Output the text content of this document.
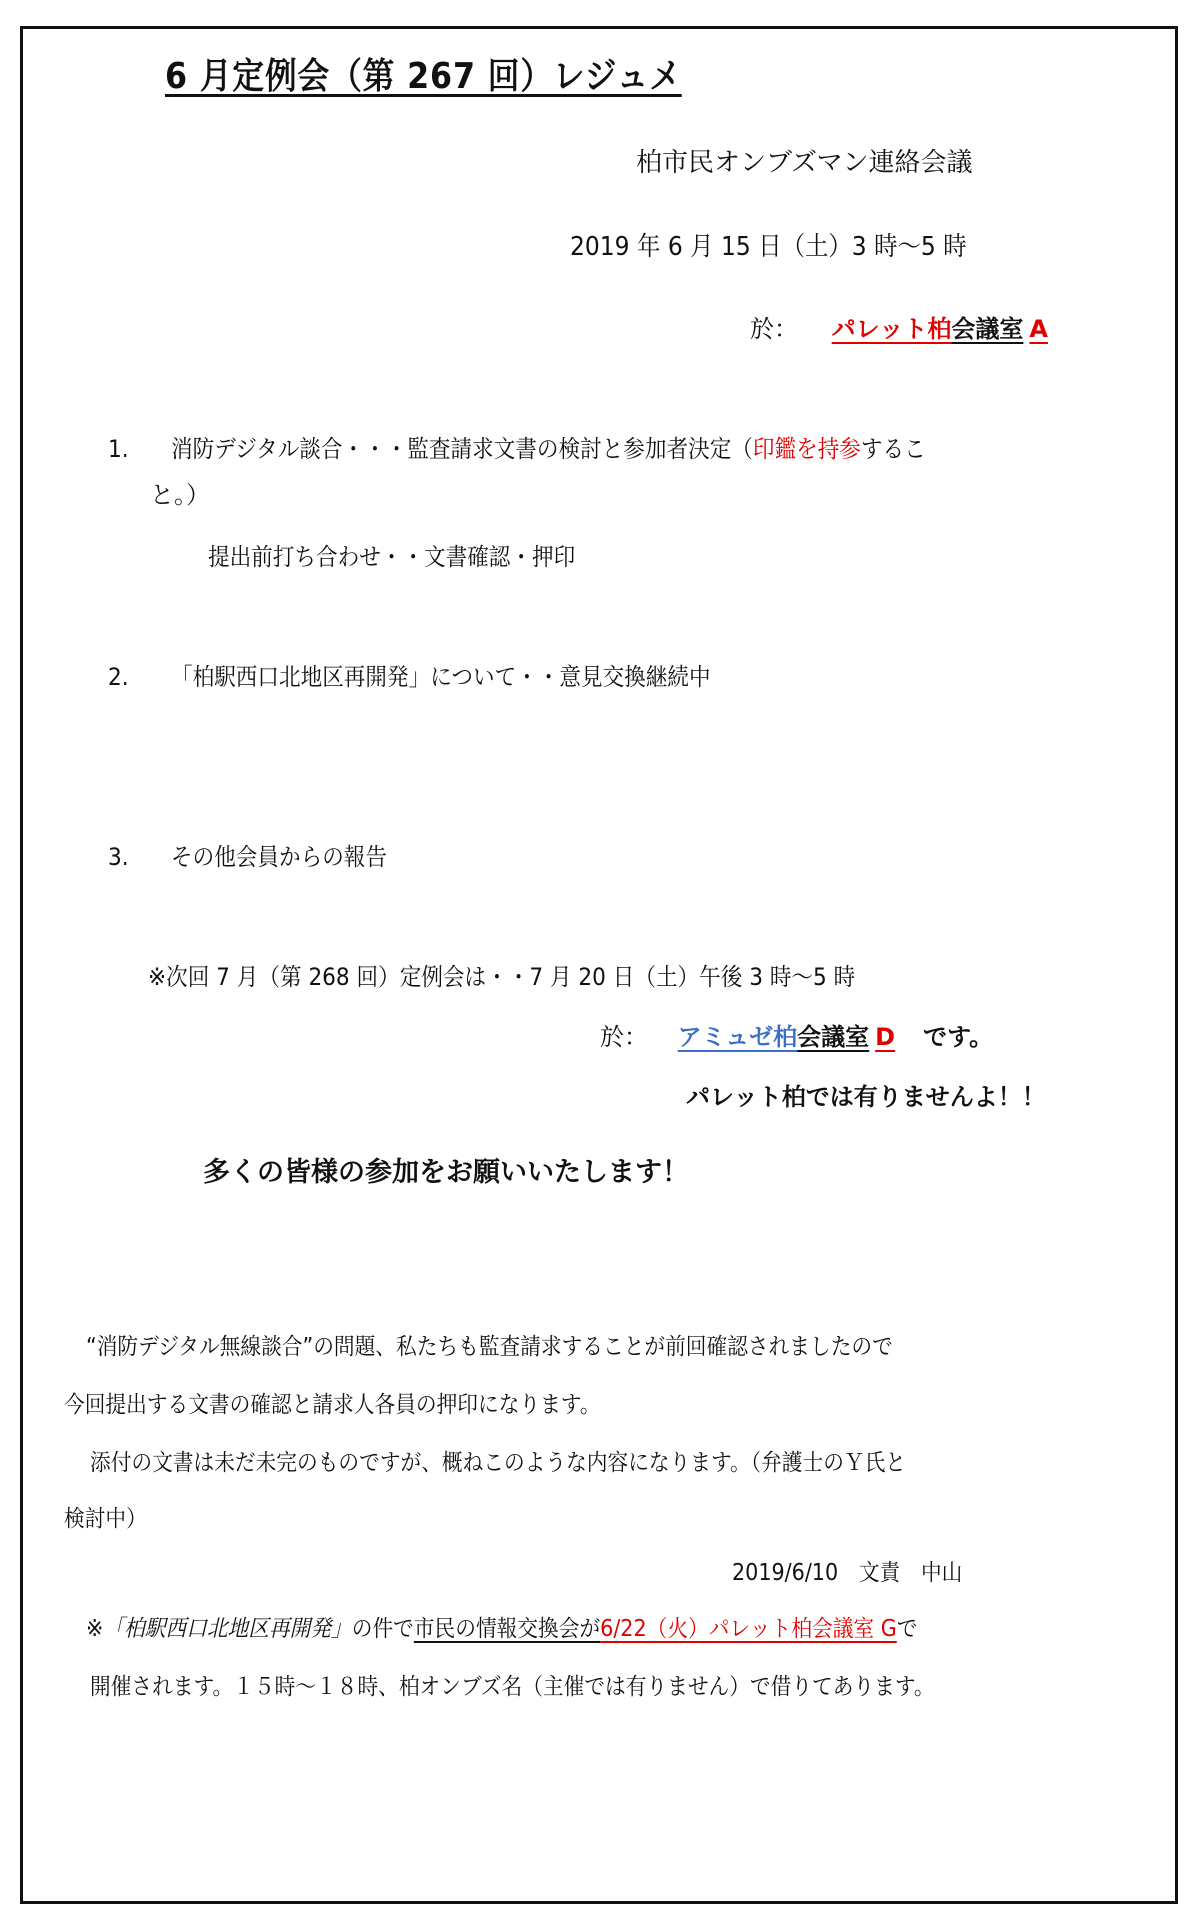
6 月定例会（第 267 回）レジュメ
柏市民オンブズマン連絡会議
2019 年 6 月 15 日（土）3 時～5 時
於： パレット柏会議室 A
1. 消防デジタル談合・・・監査請求文書の検討と参加者決定（印鑑を持参するこ
と。）
提出前打ち合わせ・・文書確認・押印
2. 「柏駅西口北地区再開発」について・・意見交換継続中
3. その他会員からの報告
※次回 7 月（第 268 回）定例会は・・7 月 20 日（土）午後 3 時～5 時
於： アミュゼ柏会議室 D です。
パレット柏では有りませんよ！！
多くの皆様の参加をお願いいたします！
“消防デジタル無線談合”の問題、私たちも監査請求することが前回確認されましたので
今回提出する文書の確認と請求人各員の押印になります。
添付の文書は未だ未完のものですが、概ねこのような内容になります。（弁護士のＹ氏と
検討中）
2019/6/10　文責　中山
※「柏駅西口北地区再開発」の件で市民の情報交換会が6/22（火）パレット柏会議室 Gで
開催されます。１５時～１８時、柏オンブズ名（主催では有りません）で借りてあります。
